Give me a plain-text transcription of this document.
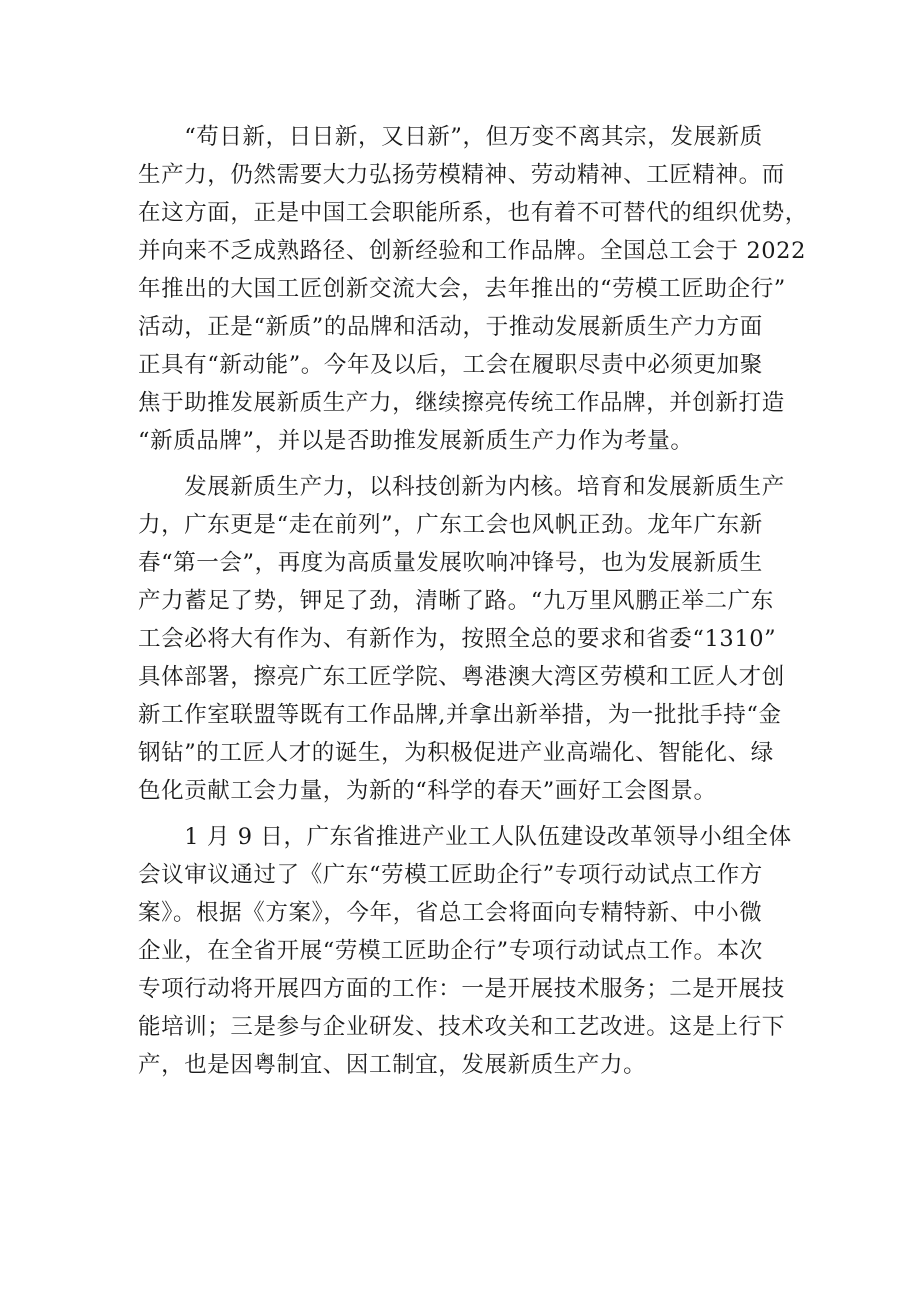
　　“苟日新，日日新，又日新”，但万变不离其宗，发展新质
生产力，仍然需要大力弘扬劳模精神、劳动精神、工匠精神。而
在这方面，正是中国工会职能所系，也有着不可替代的组织优势，
并向来不乏成熟路径、创新经验和工作品牌。全国总工会于 2022
年推出的大国工匠创新交流大会，去年推出的“劳模工匠助企行”
活动，正是“新质”的品牌和活动，于推动发展新质生产力方面
正具有“新动能”。今年及以后，工会在履职尽责中必须更加聚
焦于助推发展新质生产力，继续擦亮传统工作品牌，并创新打造
“新质品牌”，并以是否助推发展新质生产力作为考量。
　　发展新质生产力，以科技创新为内核。培育和发展新质生产
力，广东更是“走在前列”，广东工会也风帆正劲。龙年广东新
春“第一会”，再度为高质量发展吹响冲锋号，也为发展新质生
产力蓄足了势，钾足了劲，清晰了路。“九万里风鹏正举二广东
工会必将大有作为、有新作为，按照全总的要求和省委“1310”
具体部署，擦亮广东工匠学院、粤港澳大湾区劳模和工匠人才创
新工作室联盟等既有工作品牌,并拿出新举措，为一批批手持“金
钢钻”的工匠人才的诞生，为积极促进产业高端化、智能化、绿
色化贡献工会力量，为新的“科学的春天”画好工会图景。
　　1 月 9 日，广东省推进产业工人队伍建设改革领导小组全体
会议审议通过了《广东“劳模工匠助企行”专项行动试点工作方
案》。根据《方案》，今年，省总工会将面向专精特新、中小微
企业，在全省开展“劳模工匠助企行”专项行动试点工作。本次
专项行动将开展四方面的工作：一是开展技术服务；二是开展技
能培训；三是参与企业研发、技术攻关和工艺改进。这是上行下
产，也是因粤制宜、因工制宜，发展新质生产力。
